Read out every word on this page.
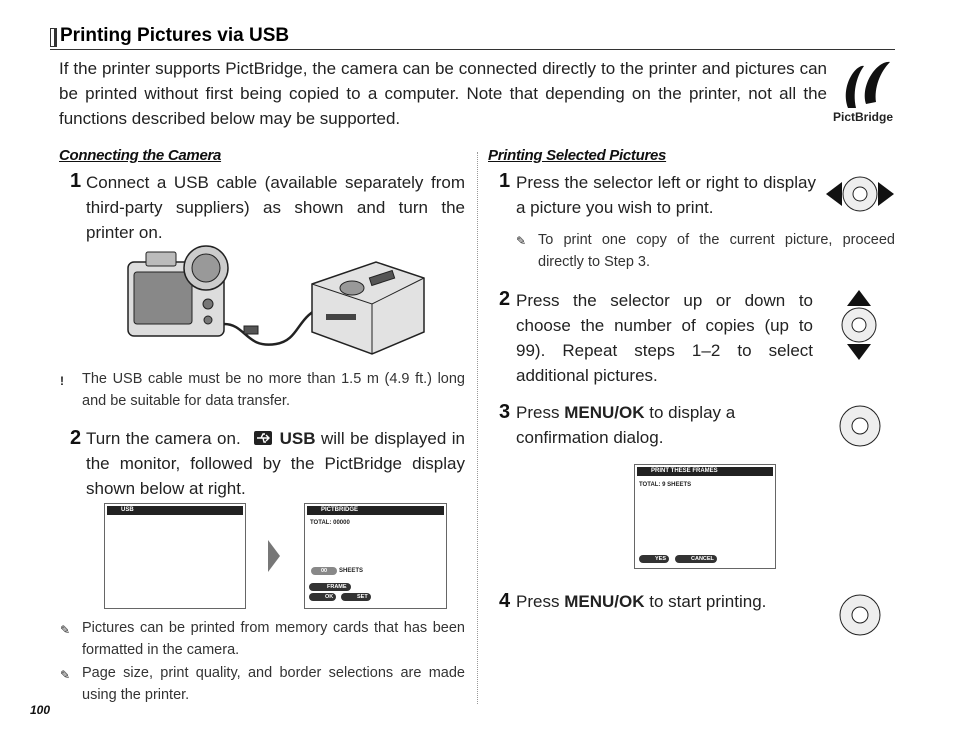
Printing Pictures via USB
If the printer supports PictBridge, the camera can be connected directly to the printer and pictures can be printed without first being copied to a computer. Note that depending on the printer, not all the functions described below may be supported.	PictBridge
Connecting the Camera
1 Connect a USB cable (available separately from third-party suppliers) as shown and turn the printer on.
! The USB cable must be no more than 1.5 m (4.9 ft.) long and be suitable for data transfer.
2 Turn the camera on. USB will be displayed in the monitor, followed by the PictBridge display shown below at right.
USB	PICTBRIDGE
TOTAL: 00000
00	SHEETS
FRAME
OK	SET
✎ Pictures can be printed from memory cards that has been formatted in the camera.
✎ Page size, print quality, and border selections are made using the printer.
Printing Selected Pictures
1 Press the selector left or right to display a picture you wish to print.
✎ To print one copy of the current picture, proceed directly to Step 3.
2 Press the selector up or down to choose the number of copies (up to 99). Repeat steps 1–2 to select additional pictures.
3 Press MENU/OK to display a confirmation dialog.
PRINT THESE FRAMES
TOTAL: 9 SHEETS
YES	CANCEL
4 Press MENU/OK to start printing.
100
